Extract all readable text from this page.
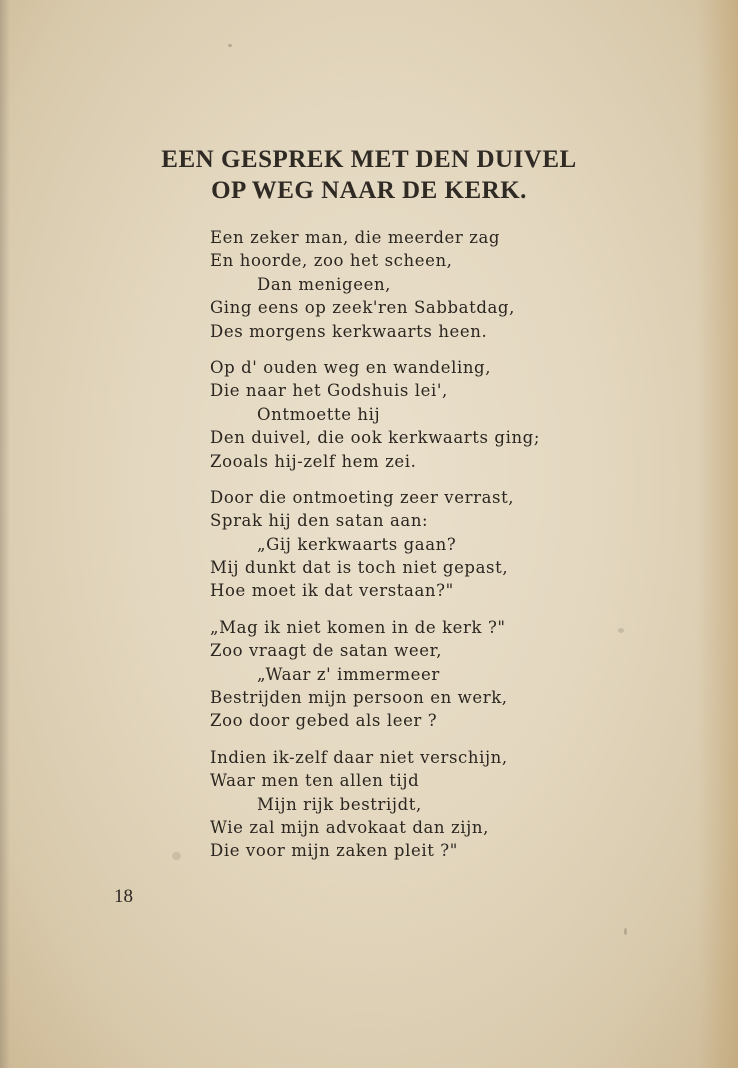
EEN GESPREK MET DEN DUIVEL
OP WEG NAAR DE KERK.
Een zeker man, die meerder zag
En hoorde, zoo het scheen,
Dan menigeen,
Ging eens op zeek'ren Sabbatdag,
Des morgens kerkwaarts heen.
Op d' ouden weg en wandeling,
Die naar het Godshuis lei',
Ontmoette hij
Den duivel, die ook kerkwaarts ging;
Zooals hij-zelf hem zei.
Door die ontmoeting zeer verrast,
Sprak hij den satan aan:
„Gij kerkwaarts gaan?
Mij dunkt dat is toch niet gepast,
Hoe moet ik dat verstaan?"
„Mag ik niet komen in de kerk ?"
Zoo vraagt de satan weer,
„Waar z' immermeer
Bestrijden mijn persoon en werk,
Zoo door gebed als leer ?
Indien ik-zelf daar niet verschijn,
Waar men ten allen tijd
Mijn rijk bestrijdt,
Wie zal mijn advokaat dan zijn,
Die voor mijn zaken pleit ?"
18
